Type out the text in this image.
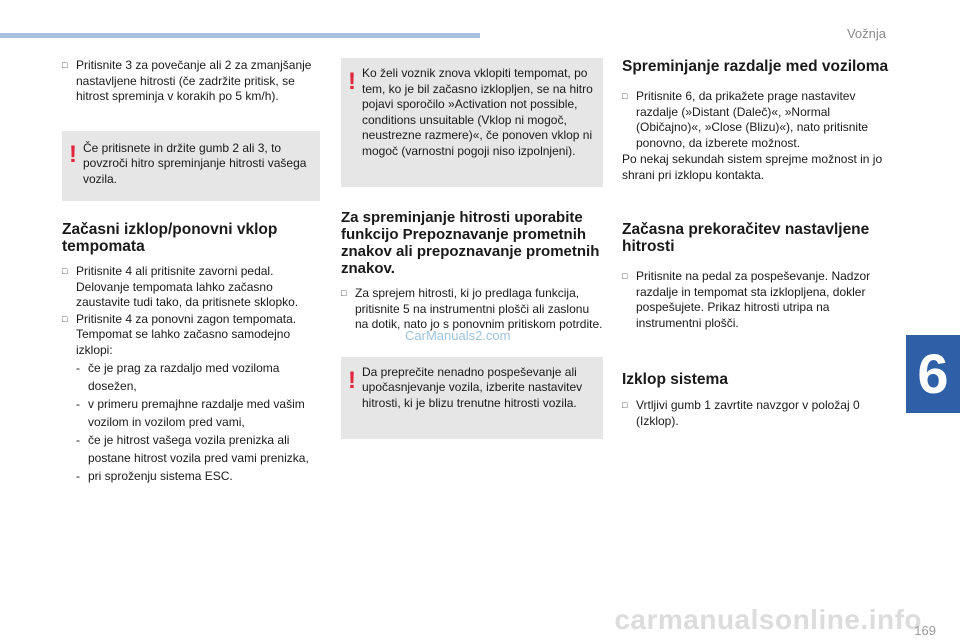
Vožnja
6
□ Pritisnite 3 za povečanje ali 2 za zmanjšanje nastavljene hitrosti (če zadržite pritisk, se hitrost spreminja v korakih po 5 km/h).
! Če pritisnete in držite gumb 2 ali 3, to povzroči hitro spreminjanje hitrosti vašega vozila.
Začasni izklop/ponovni vklop tempomata
□ Pritisnite 4 ali pritisnite zavorni pedal. Delovanje tempomata lahko začasno zaustavite tudi tako, da pritisnete sklopko.
□ Pritisnite 4 za ponovni zagon tempomata. Tempomat se lahko začasno samodejno izklopi:
- če je prag za razdaljo med voziloma dosežen,
- v primeru premajhne razdalje med vašim vozilom in vozilom pred vami,
- če je hitrost vašega vozila prenizka ali postane hitrost vozila pred vami prenizka,
- pri sproženju sistema ESC.
! Ko želi voznik znova vklopiti tempomat, po tem, ko je bil začasno izklopljen, se na hitro pojavi sporočilo »Activation not possible, conditions unsuitable (Vklop ni mogoč, neustrezne razmere)«, če ponoven vklop ni mogoč (varnostni pogoji niso izpolnjeni).
Za spreminjanje hitrosti uporabite funkcijo Prepoznavanje prometnih znakov ali prepoznavanje prometnih znakov.
□ Za sprejem hitrosti, ki jo predlaga funkcija, pritisnite 5 na instrumentni plošči ali zaslonu na dotik, nato jo s ponovnim pritiskom potrdite.
! Da preprečite nenadno pospeševanje ali upočasnjevanje vozila, izberite nastavitev hitrosti, ki je blizu trenutne hitrosti vozila.
Spreminjanje razdalje med voziloma
□ Pritisnite 6, da prikažete prage nastavitev razdalje (»Distant (Daleč)«, »Normal (Običajno)«, »Close (Blizu)«), nato pritisnite ponovno, da izberete možnost.

Po nekaj sekundah sistem sprejme možnost in jo shrani pri izklopu kontakta.

Začasna prekoračitev nastavljene hitrosti
□ Pritisnite na pedal za pospeševanje. Nadzor razdalje in tempomat sta izklopljena, dokler pospešujete. Prikaz hitrosti utripa na instrumentni plošči.
Izklop sistema
□ Vrtljivi gumb 1 zavrtite navzgor v položaj 0 (Izklop).
CarManuals2.com
carmanualsonline.info
169
